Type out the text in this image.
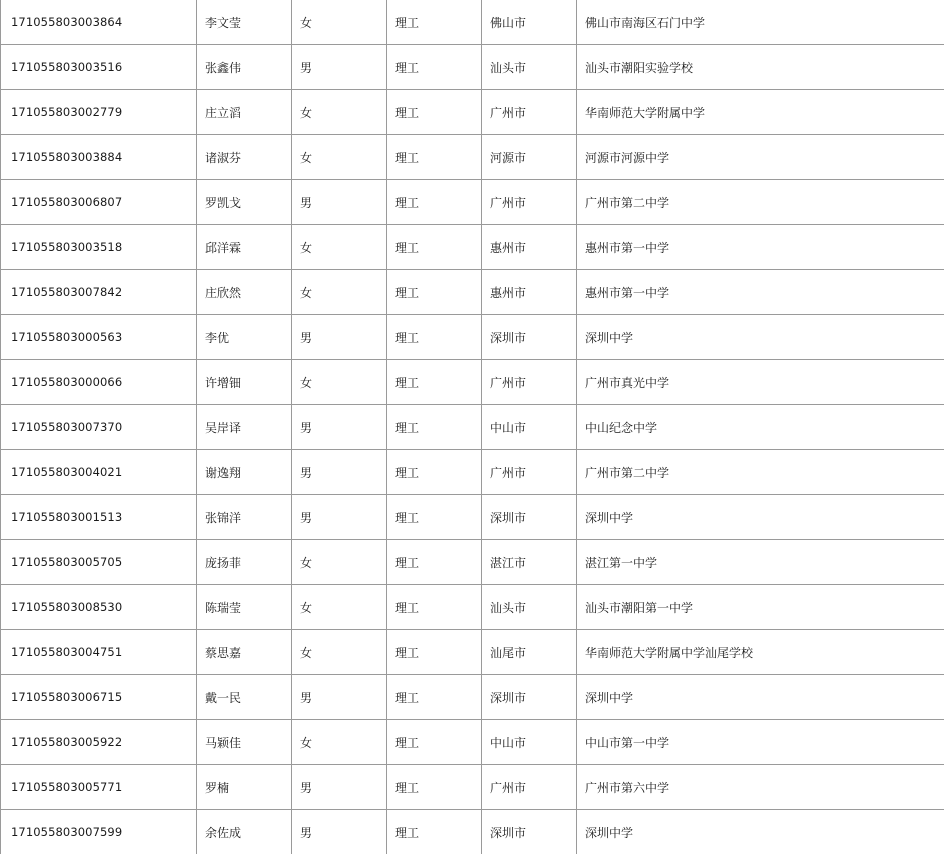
171055803003864	李文莹	女	理工	佛山市	佛山市南海区石门中学
171055803003516	张鑫伟	男	理工	汕头市	汕头市潮阳实验学校
171055803002779	庄立滔	女	理工	广州市	华南师范大学附属中学
171055803003884	诸淑芬	女	理工	河源市	河源市河源中学
171055803006807	罗凯戈	男	理工	广州市	广州市第二中学
171055803003518	邱洋霖	女	理工	惠州市	惠州市第一中学
171055803007842	庄欣然	女	理工	惠州市	惠州市第一中学
171055803000563	李优	男	理工	深圳市	深圳中学
171055803000066	许增钿	女	理工	广州市	广州市真光中学
171055803007370	吴岸译	男	理工	中山市	中山纪念中学
171055803004021	谢逸翔	男	理工	广州市	广州市第二中学
171055803001513	张锦洋	男	理工	深圳市	深圳中学
171055803005705	庞扬菲	女	理工	湛江市	湛江第一中学
171055803008530	陈瑞莹	女	理工	汕头市	汕头市潮阳第一中学
171055803004751	蔡思嘉	女	理工	汕尾市	华南师范大学附属中学汕尾学校
171055803006715	戴一民	男	理工	深圳市	深圳中学
171055803005922	马颖佳	女	理工	中山市	中山市第一中学
171055803005771	罗楠	男	理工	广州市	广州市第六中学
171055803007599	余佐成	男	理工	深圳市	深圳中学
